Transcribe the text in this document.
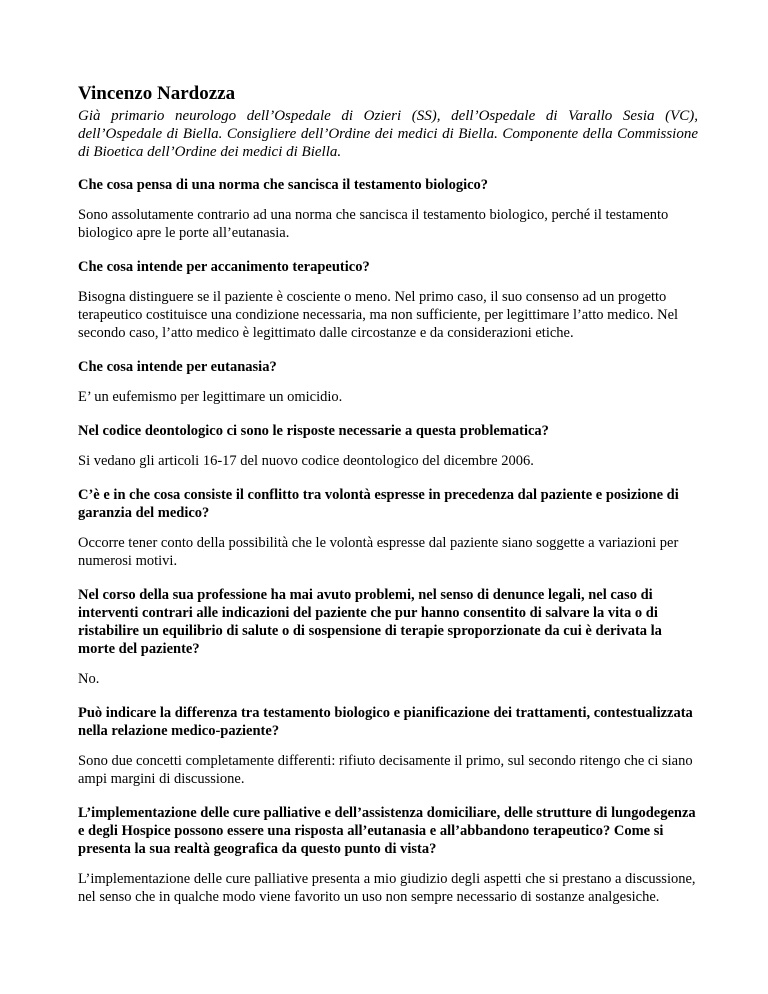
Vincenzo Nardozza
Già primario neurologo dell’Ospedale di Ozieri (SS), dell’Ospedale di Varallo Sesia (VC), dell’Ospedale di Biella. Consigliere dell’Ordine dei medici di Biella. Componente della Commissione di Bioetica dell’Ordine dei medici di Biella.
Che cosa pensa di una norma che sancisca il testamento biologico?
Sono assolutamente contrario ad una norma che sancisca il testamento biologico, perché il testamento biologico apre le porte all’eutanasia.
Che cosa intende per accanimento terapeutico?
Bisogna distinguere se il paziente è cosciente o meno. Nel primo caso, il suo consenso ad un progetto terapeutico costituisce una condizione necessaria, ma non sufficiente, per legittimare l’atto medico. Nel secondo caso, l’atto medico è legittimato dalle circostanze e da considerazioni etiche.
Che cosa intende per eutanasia?
E’ un eufemismo per legittimare un omicidio.
Nel codice deontologico ci sono le risposte necessarie a questa problematica?
Si vedano gli articoli 16-17 del nuovo codice deontologico del dicembre 2006.
C’è e in che cosa consiste il conflitto tra volontà espresse in precedenza dal paziente e posizione di garanzia del medico?
Occorre tener conto della possibilità che le volontà espresse dal paziente siano soggette a variazioni per numerosi motivi.
Nel corso della sua professione ha mai avuto problemi, nel senso di denunce legali, nel caso di interventi contrari alle indicazioni del paziente che pur hanno consentito di salvare la vita o di ristabilire un equilibrio di salute o di sospensione di terapie sproporzionate da cui è derivata la morte del paziente?
No.
Può indicare la differenza tra testamento biologico e pianificazione dei trattamenti, contestualizzata nella relazione medico-paziente?
Sono due concetti completamente differenti: rifiuto decisamente il primo, sul secondo ritengo che ci siano ampi margini di discussione.
L’implementazione delle cure palliative e dell’assistenza domiciliare, delle strutture di lungodegenza e degli Hospice possono essere una risposta all’eutanasia e all’abbandono terapeutico? Come si presenta la sua realtà geografica da questo punto di vista?
L’implementazione delle cure palliative presenta a mio giudizio degli aspetti che si prestano a discussione, nel senso che in qualche modo viene favorito un uso non sempre necessario di sostanze analgesiche.
